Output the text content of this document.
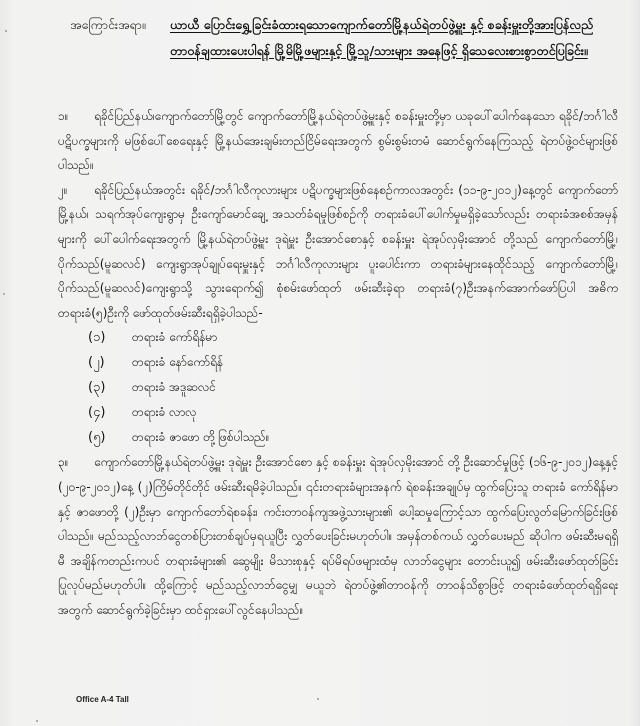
အကြောင်းအရာ။	ယာယီ ပြောင်းရွှေ့ခြင်းခံထားရသောကျောက်တော်မြို့နယ်ရဲတပ်ဖွဲ့မှူး နှင့် စခန်းမှူးတို့အားပြန်လည်တာဝန်ချထားပေးပါရန် မြို့မိမြို့ဖများနှင့် မြို့သူ/သားများ အနေဖြင့် ရှိသေလေးစားစွာတင်ပြခြင်း။

၁။ ရခိုင်ပြည်နယ်၊ကျောက်တော်မြို့တွင် ကျောက်တော်မြို့နယ်ရဲတပ်ဖွဲ့မှူးနှင့် စခန်းမှူးတို့မှာ ယခုပေါ်ပေါက်နေသော ရခိုင်/ဘင်္ဂါလီပဋိပက္ခများကို မဖြစ်ပေါ်စေရေးနှင့် မြို့နယ်အေးချမ်းတည်ငြိမ်ရေးအတွက် စွမ်းစွမ်းတမံ ဆောင်ရွက်နေကြသည့် ရဲတပ်ဖွဲ့ဝင်များဖြစ်ပါသည်။

၂။ ရခိုင်ပြည်နယ်အတွင်း ရခိုင်/ဘင်္ဂါလီကုလားများ ပဋိပက္ခများဖြစ်နေစဉ်ကာလအတွင်း (၁၁-၉-၂၀၁၂)နေ့တွင် ကျောက်တော်မြို့နယ်၊ သရက်အုပ်ကျေးရွာမှ ဦးကျော်မောင်ချေ့ အသတ်ခံရမှုဖြစ်စဉ်ကို တရားခံပေါ်ပေါက်မှုမရှိခဲ့သော်လည်း တရားခံအစစ်အမှန်များကို ပေါ်ပေါက်ရေးအတွက် မြို့နယ်ရဲတပ်ဖွဲ့မှူး ဒုရဲမှူး ဦးအောင်စောနှင့် စခန်းမှူး ရဲအုပ်လှမိုးအောင် တို့သည် ကျောက်တော်မြို့၊ ပိုက်သည်(မူဆလင်) ကျေးရွာအုပ်ချုပ်ရေးမှူးနှင့် ဘင်္ဂါလီကုလားများ ပူးပေါင်းကာ တရားခံများနေထိုင်သည့် ကျောက်တော်မြို့၊ ပိုက်သည်(မူဆလင်)ကျေးရွာသို့ သွားရောက်၍ စုံစမ်းဖော်ထုတ် ဖမ်းဆီးခဲ့ရာ တရားခံ(၇)ဦးအနက်အောက်ဖော်ပြပါ အဓိကတရားခံ(၅)ဦးကို ဖော်ထုတ်ဖမ်းဆီးရရှိခဲ့ပါသည်-

(၁)	တရားခံ ကော်ရိန်မာ
(၂)	တရားခံ နော်ကော်ရိန်
(၃)	တရားခံ အဒူဆလင်
(၄)	တရားခံ လာလု
(၅)	တရားခံ ဇာဖော တို့ဖြစ်ပါသည်။

၃။ ကျောက်တော်မြို့နယ်ရဲတပ်ဖွဲ့မှူး ဒုရဲမှူး ဦးအောင်စော နှင့် စခန်းမှူး ရဲအုပ်လှမိုးအောင် တို့ ဦးဆောင်မှုဖြင့် (၁၆-၉-၂၀၁၂)နေ့နှင့် (၂၀-၉-၂၀၁၂)နေ့ (၂)ကြိမ်တိုင်တိုင် ဖမ်းဆီးရမိခဲ့ပါသည်။ ၎င်းတရားခံများအနက် ရဲစခန်းအချုပ်မှ ထွက်ပြေးသူ တရားခံ ကော်ရိန်မာ နှင့် ဇာဖောတို့ (၂)ဦးမှာ ကျောက်တော်ရဲစခန်း၊ ကင်းတာဝန်ကျအဖွဲ့သားများ၏ ပေါ့ဆမှုကြောင့်သာ ထွက်ပြေးလွတ်မြောက်ခြင်းဖြစ်ပါသည်။ မည်သည့်လာဘ်ငွေတစ်ပြားတစ်ချပ်မှရယူပြီး လွှတ်ပေးခြင်းမဟုတ်ပါ။ အမှန်တစ်ကယ် လွှတ်ပေးမည် ဆိုပါက ဖမ်းဆီးမရရှိမီ အချိန်ကတည်းကပင် တရားခံများ၏ ဆွေမျိုး မိသားစုနှင့် ရပ်မိရပ်ဖများထံမှ လာဘ်ငွေများ တောင်းယူ၍ ဖမ်းဆီးဖော်ထုတ်ခြင်းပြုလုပ်မည်မဟုတ်ပါ။ ထို့ကြောင့် မည်သည့်လာဘ်ငွေမျှ မယူဘဲ ရဲတပ်ဖွဲ့၏တာဝန်ကို တာဝန်သိစွာဖြင့် တရားခံဖော်ထုတ်ရရှိရေးအတွက် ဆောင်ရွက်ခဲ့ခြင်းမှာ ထင်ရှားပေါ်လွင်နေပါသည်။

Office A-4 Tall
